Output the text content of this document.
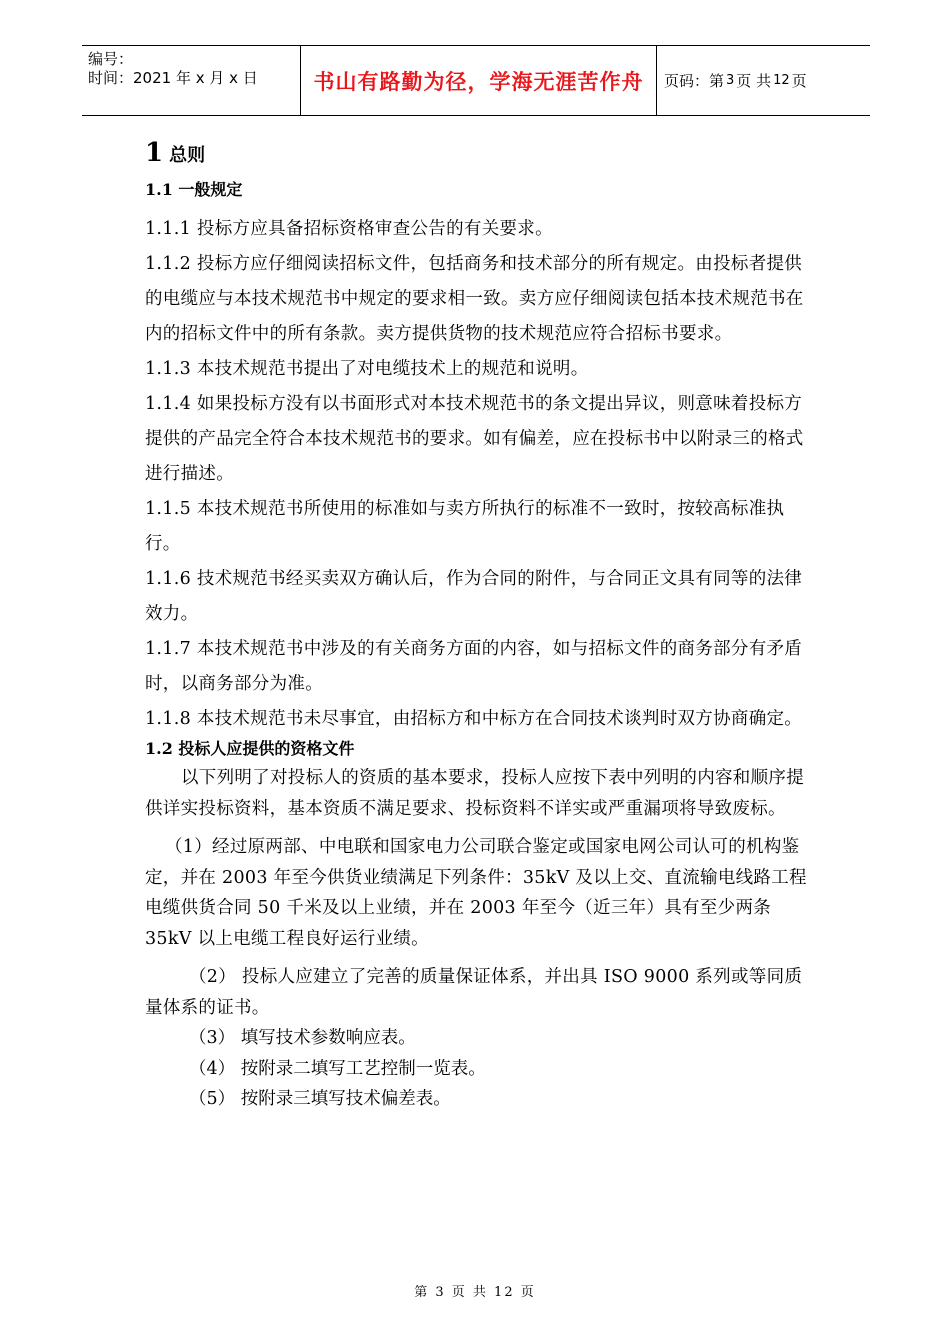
编号：
时间：2021 年 x 月 x 日	书山有路勤为径，学海无涯苦作舟	页码：第 3 页 共 12 页
1 总则
1.1 一般规定
1.1.1 投标方应具备招标资格审查公告的有关要求。
1.1.2 投标方应仔细阅读招标文件，包括商务和技术部分的所有规定。由投标者提供的电缆应与本技术规范书中规定的要求相一致。卖方应仔细阅读包括本技术规范书在内的招标文件中的所有条款。卖方提供货物的技术规范应符合招标书要求。
1.1.3 本技术规范书提出了对电缆技术上的规范和说明。
1.1.4 如果投标方没有以书面形式对本技术规范书的条文提出异议，则意味着投标方提供的产品完全符合本技术规范书的要求。如有偏差，应在投标书中以附录三的格式进行描述。
1.1.5 本技术规范书所使用的标准如与卖方所执行的标准不一致时，按较高标准执行。
1.1.6 技术规范书经买卖双方确认后，作为合同的附件，与合同正文具有同等的法律效力。
1.1.7 本技术规范书中涉及的有关商务方面的内容，如与招标文件的商务部分有矛盾时，以商务部分为准。
1.1.8 本技术规范书未尽事宜，由招标方和中标方在合同技术谈判时双方协商确定。
1.2 投标人应提供的资格文件
以下列明了对投标人的资质的基本要求，投标人应按下表中列明的内容和顺序提供详实投标资料，基本资质不满足要求、投标资料不详实或严重漏项将导致废标。
（1）经过原两部、中电联和国家电力公司联合鉴定或国家电网公司认可的机构鉴定，并在 2003 年至今供货业绩满足下列条件：35kV 及以上交、直流输电线路工程电缆供货合同 50 千米及以上业绩，并在 2003 年至今（近三年）具有至少两条 35kV 以上电缆工程良好运行业绩。
（2） 投标人应建立了完善的质量保证体系，并出具 ISO 9000 系列或等同质量体系的证书。
（3） 填写技术参数响应表。
（4） 按附录二填写工艺控制一览表。
（5） 按附录三填写技术偏差表。
第 3 页 共 12 页
